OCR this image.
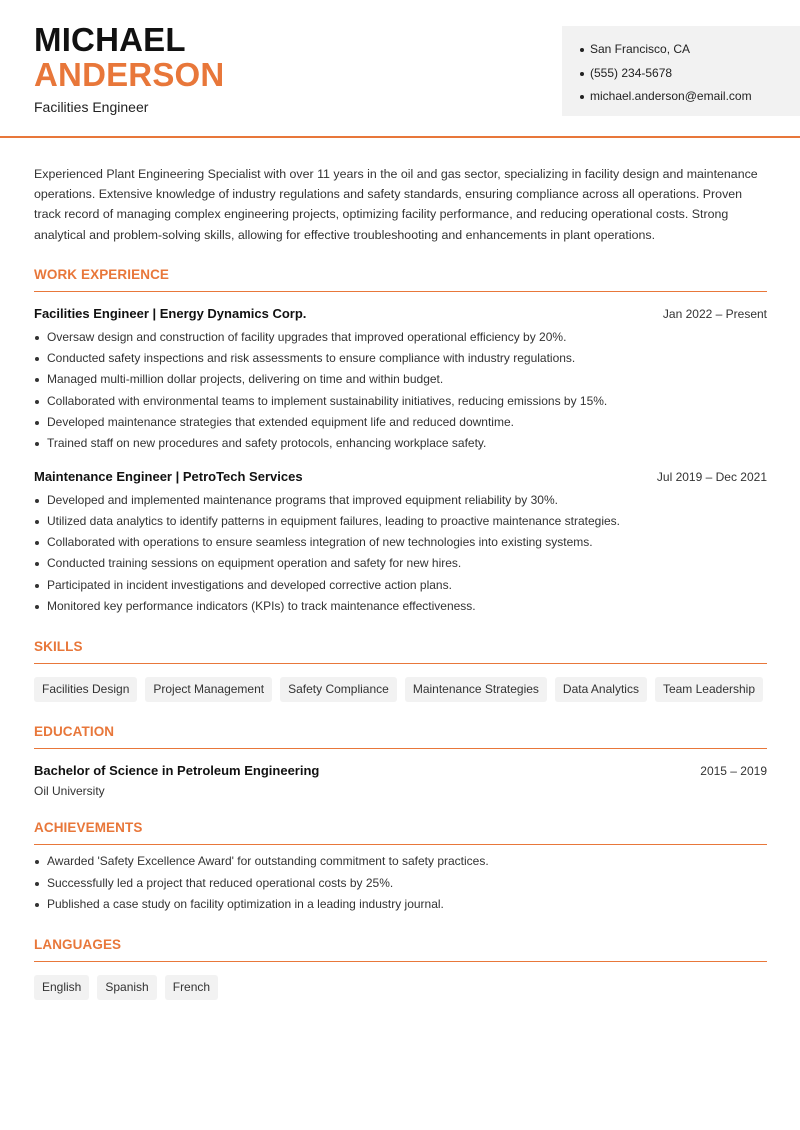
MICHAEL
ANDERSON
Facilities Engineer
San Francisco, CA
(555) 234-5678
michael.anderson@email.com

Experienced Plant Engineering Specialist with over 11 years in the oil and gas sector, specializing in facility design and maintenance operations. Extensive knowledge of industry regulations and safety standards, ensuring compliance across all operations. Proven track record of managing complex engineering projects, optimizing facility performance, and reducing operational costs. Strong analytical and problem-solving skills, allowing for effective troubleshooting and enhancements in plant operations.

WORK EXPERIENCE
Facilities Engineer | Energy Dynamics Corp.	Jan 2022 – Present
Oversaw design and construction of facility upgrades that improved operational efficiency by 20%.
Conducted safety inspections and risk assessments to ensure compliance with industry regulations.
Managed multi-million dollar projects, delivering on time and within budget.
Collaborated with environmental teams to implement sustainability initiatives, reducing emissions by 15%.
Developed maintenance strategies that extended equipment life and reduced downtime.
Trained staff on new procedures and safety protocols, enhancing workplace safety.
Maintenance Engineer | PetroTech Services	Jul 2019 – Dec 2021
Developed and implemented maintenance programs that improved equipment reliability by 30%.
Utilized data analytics to identify patterns in equipment failures, leading to proactive maintenance strategies.
Collaborated with operations to ensure seamless integration of new technologies into existing systems.
Conducted training sessions on equipment operation and safety for new hires.
Participated in incident investigations and developed corrective action plans.
Monitored key performance indicators (KPIs) to track maintenance effectiveness.
SKILLS
Facilities Design	Project Management	Safety Compliance	Maintenance Strategies	Data Analytics	Team Leadership
EDUCATION
Bachelor of Science in Petroleum Engineering	2015 – 2019
Oil University
ACHIEVEMENTS
Awarded 'Safety Excellence Award' for outstanding commitment to safety practices.
Successfully led a project that reduced operational costs by 25%.
Published a case study on facility optimization in a leading industry journal.
LANGUAGES
English	Spanish	French
